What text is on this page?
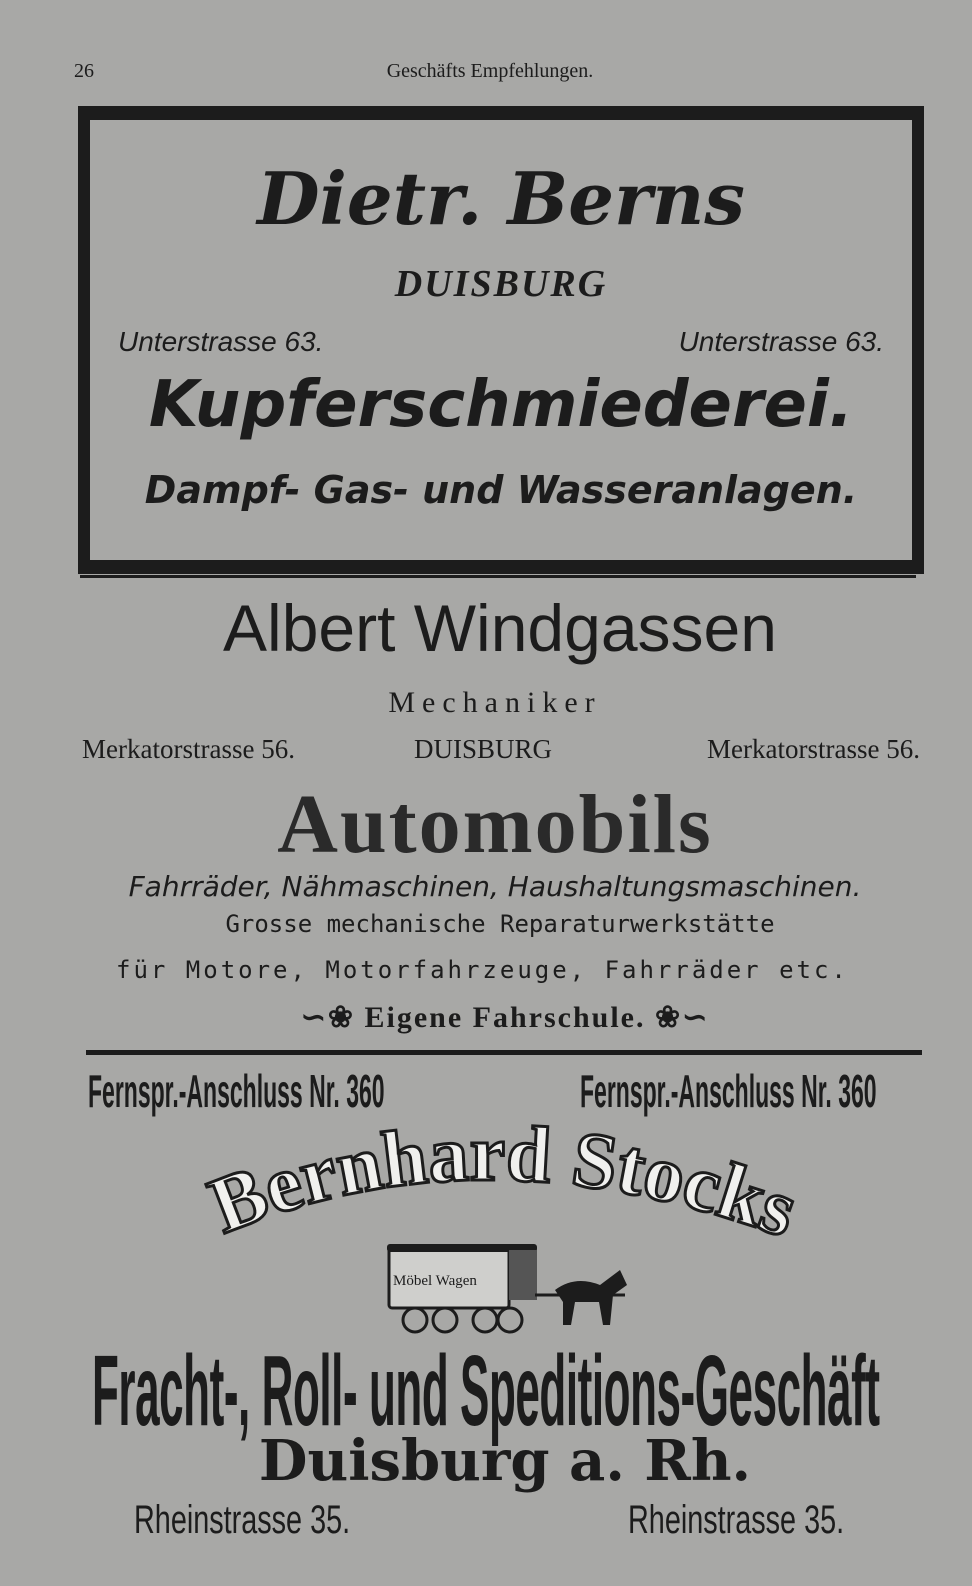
26	Geschäfts Empfehlungen.
Dietr. Berns
DUISBURG
Unterstrasse 63.	Unterstrasse 63.
Kupferschmiederei.
Dampf- Gas- und Wasseranlagen.
Albert Windgassen
Mechaniker
Merkatorstrasse 56.	DUISBURG	Merkatorstrasse 56.
Automobils
Fahrräder, Nähmaschinen, Haushaltungsmaschinen.
Grosse mechanische Reparaturwerkstätte
für Motore, Motorfahrzeuge, Fahrräder etc.
∽❀ Eigene Fahrschule. ❀∽
Fernspr.-Anschluss Nr. 360	Fernspr.-Anschluss Nr. 360
Bernhard Stocks
Möbel Wagen
Fracht-, Roll- und Speditions-Geschäft
Duisburg a. Rh.
Rheinstrasse 35.	Rheinstrasse 35.
